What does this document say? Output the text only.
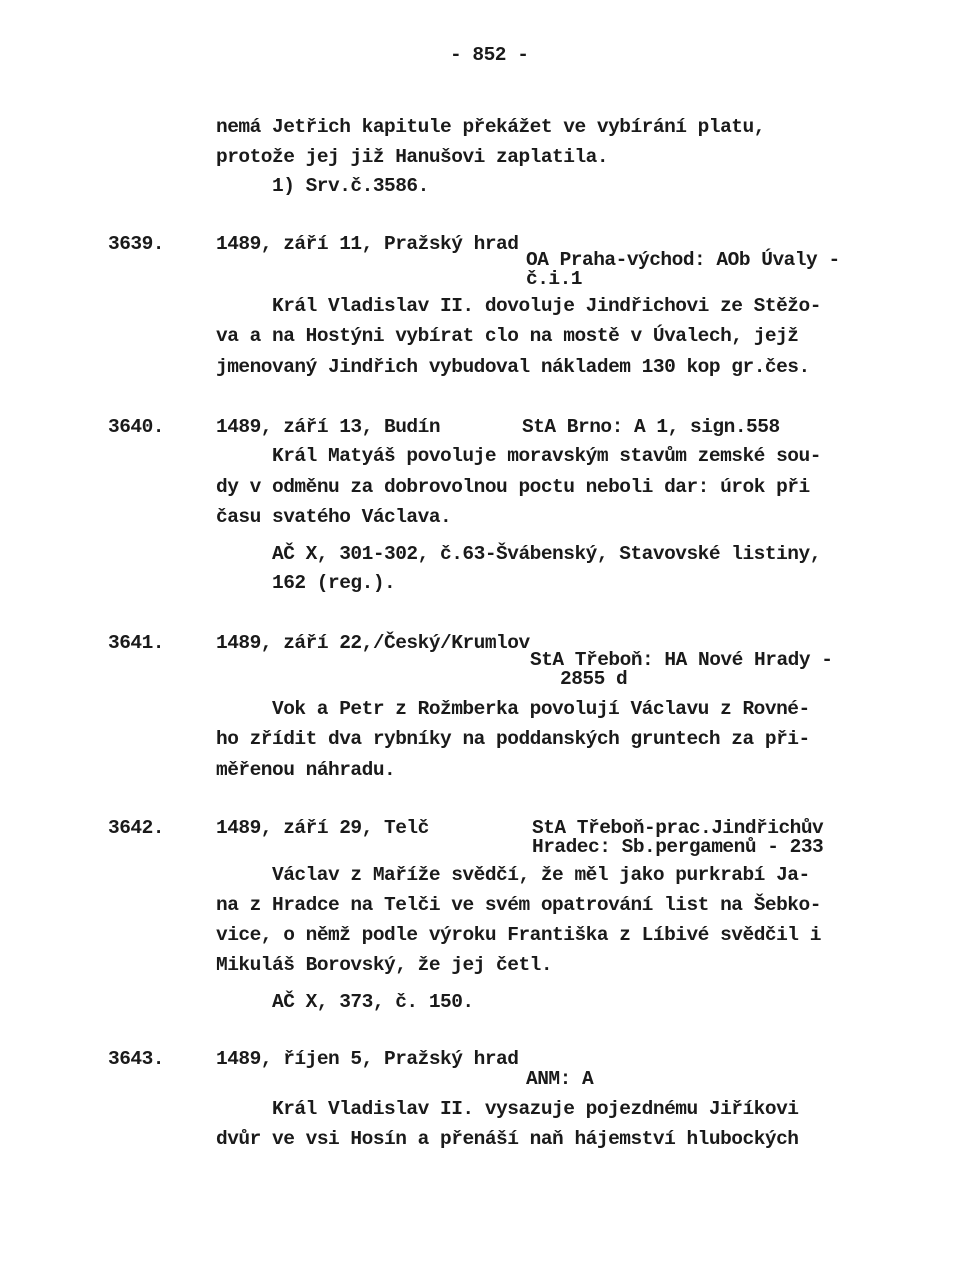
- 852 -
nemá Jetřich kapitule překážet ve vybírání platu,
protože jej již Hanušovi zaplatila.
1) Srv.č.3586.
3639.	1489, září 11, Pražský hrad
OA Praha-východ: AOb Úvaly -
č.i.1
Král Vladislav II. dovoluje Jindřichovi ze Stěžo-
va a na Hostýni vybírat clo na mostě v Úvalech, jejž
jmenovaný Jindřich vybudoval nákladem 130 kop gr.čes.
3640.	1489, září 13, Budín	StA Brno: A 1, sign.558
Král Matyáš povoluje moravským stavům zemské sou-
dy v odměnu za dobrovolnou poctu neboli dar: úrok při
času svatého Václava.
AČ X, 301-302, č.63-Švábenský, Stavovské listiny,
162 (reg.).
3641.	1489, září 22,/Český/Krumlov
StA Třeboň: HA Nové Hrady -
2855 d
Vok a Petr z Rožmberka povolují Václavu z Rovné-
ho zřídit dva rybníky na poddanských gruntech za při-
měřenou náhradu.
3642.	1489, září 29, Telč	StA Třeboň-prac.Jindřichův
Hradec: Sb.pergamenů - 233
Václav z Maříže svědčí, že měl jako purkrabí Ja-
na z Hradce na Telči ve svém opatrování list na Šebko-
vice, o němž podle výroku Františka z Líbivé svědčil i
Mikuláš Borovský, že jej četl.
AČ X, 373, č. 150.
3643.	1489, říjen 5, Pražský hrad
ANM: A
Král Vladislav II. vysazuje pojezdnému Jiříkovi
dvůr ve vsi Hosín a přenáší naň hájemství hlubockých
